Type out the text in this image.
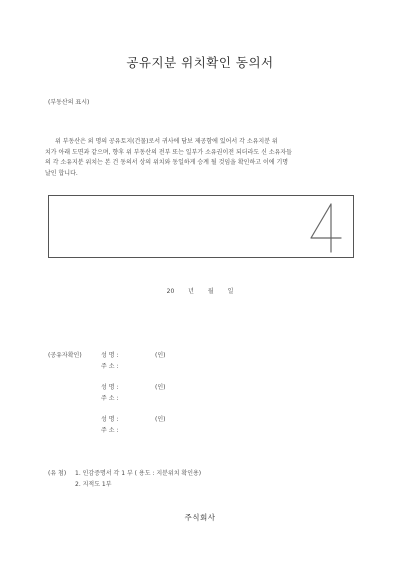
공유지분 위치확인 동의서
(부동산의 표시)
위 부동산은 외 명의 공유토지(건물)로서 귀사에 담보 제공함에 있어서 각 소유지분 위
치가 아래 도면과 같으며, 향후 위 부동산의 전부 또는 일부가 소유권이전 되더라도 신 소유자들
의 각 소유지분 위치는 본 건 동의서 상의 위치와 동일하게 승계 될 것임을 확인하고 이에 기명
날인 합니다.
20 년 월 일
(공유자확인)	성 명 :	(인)
주 소 :
성 명 :	(인)
주 소 :
성 명 :	(인)
주 소 :
(유 첨) 1. 인감증명서 각 1 부 ( 용도 : 지분위치 확인용)
2. 지적도 1부
주식회사
